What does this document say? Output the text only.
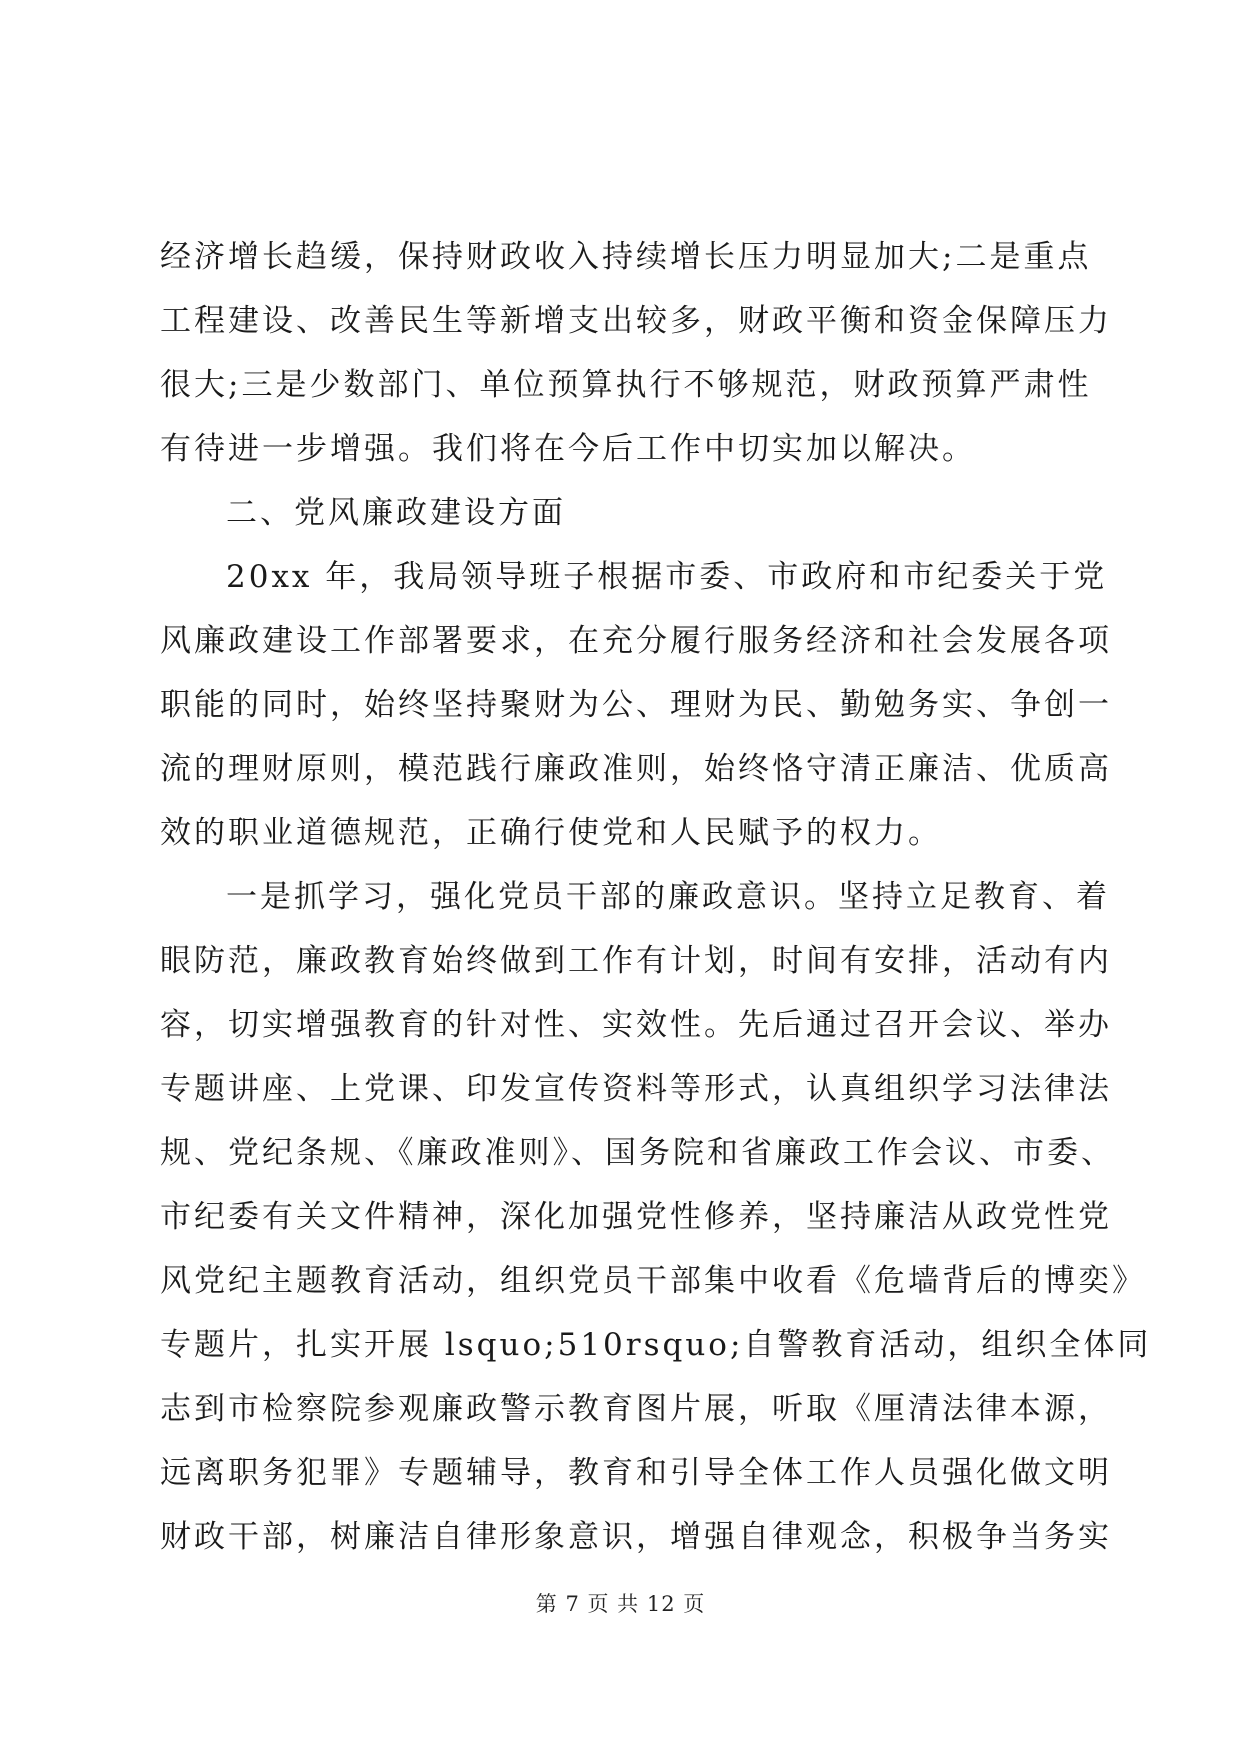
经济增长趋缓，保持财政收入持续增长压力明显加大;二是重点
工程建设、改善民生等新增支出较多，财政平衡和资金保障压力
很大;三是少数部门、单位预算执行不够规范，财政预算严肃性
有待进一步增强。我们将在今后工作中切实加以解决。
二、党风廉政建设方面
20xx 年，我局领导班子根据市委、市政府和市纪委关于党
风廉政建设工作部署要求，在充分履行服务经济和社会发展各项
职能的同时，始终坚持聚财为公、理财为民、勤勉务实、争创一
流的理财原则，模范践行廉政准则，始终恪守清正廉洁、优质高
效的职业道德规范，正确行使党和人民赋予的权力。
一是抓学习，强化党员干部的廉政意识。坚持立足教育、着
眼防范，廉政教育始终做到工作有计划，时间有安排，活动有内
容，切实增强教育的针对性、实效性。先后通过召开会议、举办
专题讲座、上党课、印发宣传资料等形式，认真组织学习法律法
规、党纪条规、《廉政准则》、国务院和省廉政工作会议、市委、
市纪委有关文件精神，深化加强党性修养，坚持廉洁从政党性党
风党纪主题教育活动，组织党员干部集中收看《危墙背后的博奕》
专题片，扎实开展 lsquo;510rsquo;自警教育活动，组织全体同
志到市检察院参观廉政警示教育图片展，听取《厘清法律本源，
远离职务犯罪》专题辅导，教育和引导全体工作人员强化做文明
财政干部，树廉洁自律形象意识，增强自律观念，积极争当务实
第 7 页 共 12 页
